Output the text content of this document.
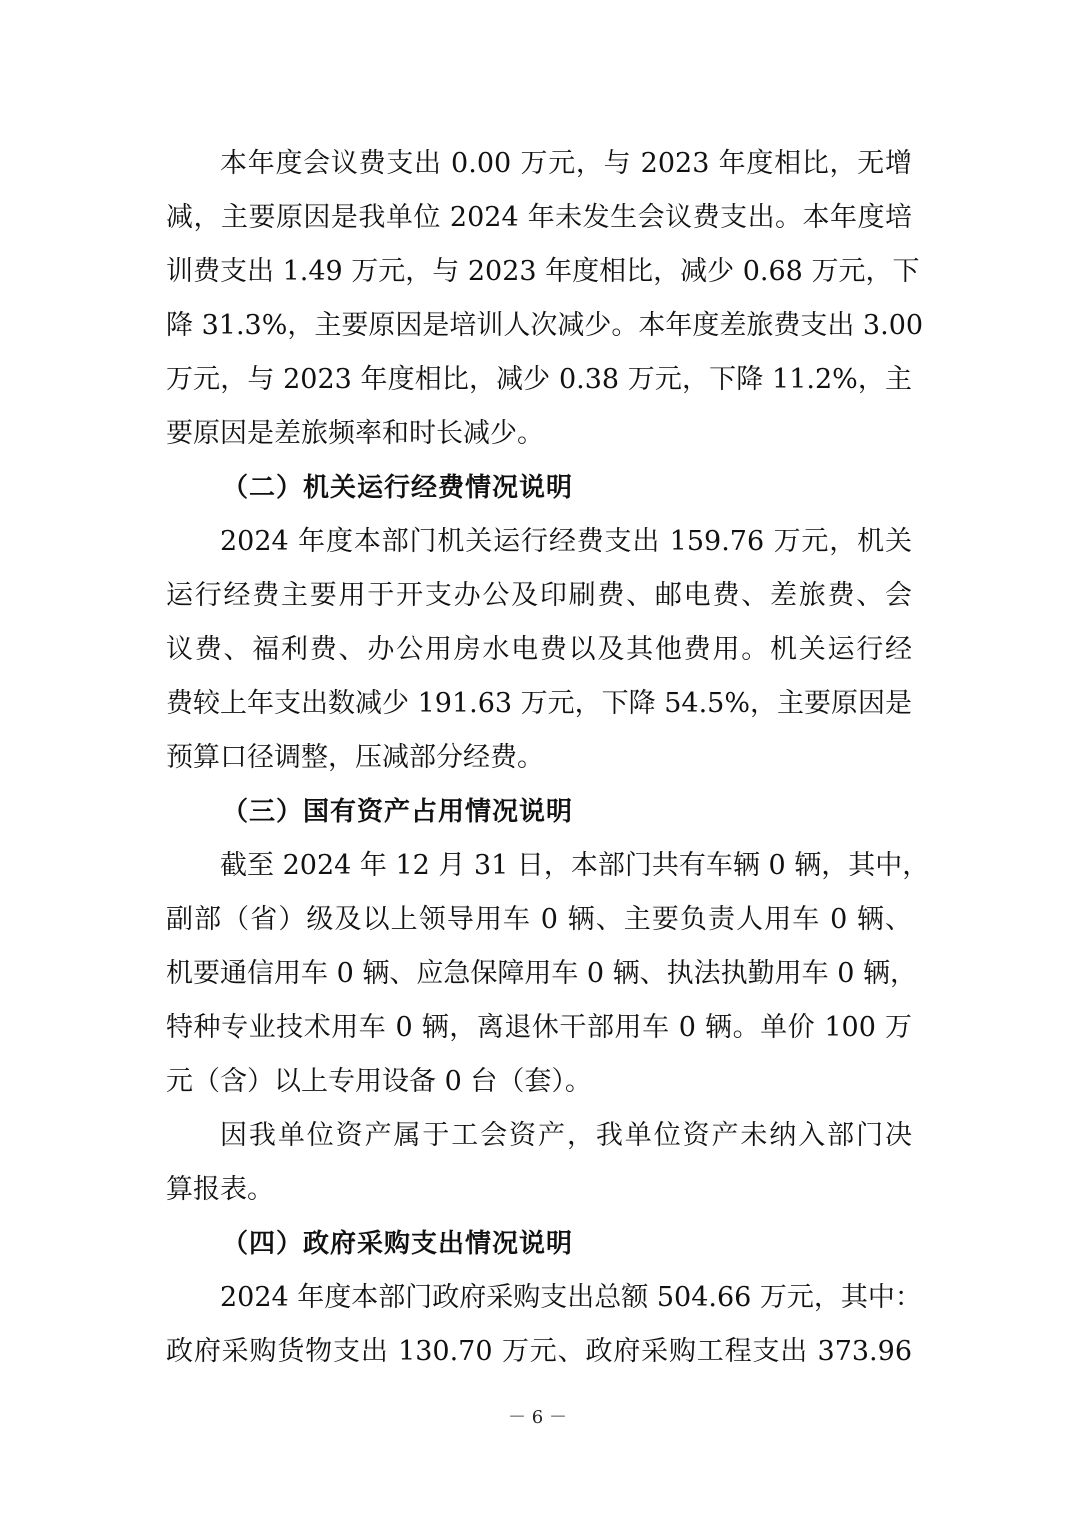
本年度会议费支出 0.00 万元，与 2023 年度相比，无增
减，主要原因是我单位 2024 年未发生会议费支出。本年度培
训费支出 1.49 万元，与 2023 年度相比，减少 0.68 万元，下
降 31.3%，主要原因是培训人次减少。本年度差旅费支出 3.00
万元，与 2023 年度相比，减少 0.38 万元，下降 11.2%，主
要原因是差旅频率和时长减少。
（二）机关运行经费情况说明
2024 年度本部门机关运行经费支出 159.76 万元，机关
运行经费主要用于开支办公及印刷费、邮电费、差旅费、会
议费、福利费、办公用房水电费以及其他费用。机关运行经
费较上年支出数减少 191.63 万元，下降 54.5%，主要原因是
预算口径调整，压减部分经费。
（三）国有资产占用情况说明
截至 2024 年 12 月 31 日，本部门共有车辆 0 辆，其中，
副部（省）级及以上领导用车 0 辆、主要负责人用车 0 辆、
机要通信用车 0 辆、应急保障用车 0 辆、执法执勤用车 0 辆，
特种专业技术用车 0 辆，离退休干部用车 0 辆。单价 100 万
元（含）以上专用设备 0 台（套）。
因我单位资产属于工会资产，我单位资产未纳入部门决
算报表。
（四）政府采购支出情况说明
2024 年度本部门政府采购支出总额 504.66 万元，其中：
政府采购货物支出 130.70 万元、政府采购工程支出 373.96
－ 6 －
